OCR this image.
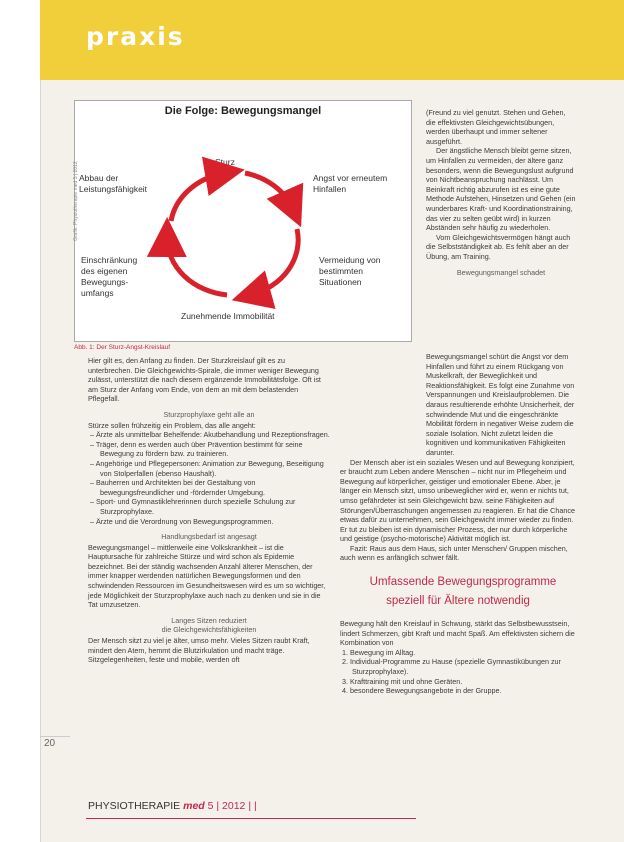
praxis
Die Folge: Bewegungsmangel
Sturz
Abbau der
Leistungsfähigkeit
Angst vor erneutem
Hinfallen
Einschränkung
des eigenen
Bewegungs-
umfangs
Vermeidung von
bestimmten
Situationen
Zunehmende Immobilität
Grafik: Physiotherapie med 5 | 2012
Abb. 1: Der Sturz-Angst-Kreislauf

Hier gilt es, den Anfang zu finden. Der Sturzkreislauf gilt es zu unterbrechen. Die Gleichgewichts-Spirale, die immer weniger Bewegung zulässt, unterstützt die nach diesem ergänzende Immobilitätsfolge. Oft ist am Sturz der Anfang vom Ende, von dem an mit dem belastenden Pflegefall.

Sturzprophylaxe geht alle an

Stürze sollen frühzeitig ein Problem, das alle angeht:

– Ärzte als unmittelbar Behelfende: Akutbehandlung und Rezeptionsfragen.

– Träger, denn es werden auch über Prävention bestimmt für seine Bewegung zu fördern bzw. zu trainieren.

– Angehörige und Pflegepersonen: Animation zur Bewegung, Beseitigung von Stolperfallen (ebenso Haushalt).

– Bauherren und Architekten bei der Gestaltung von bewegungsfreundlicher und -fördernder Umgebung.

– Sport- und Gymnastiklehrerinnen durch spezielle Schulung zur Sturzprophylaxe.

– Ärzte und die Verordnung von Bewegungsprogrammen.

Handlungsbedarf ist angesagt

Bewegungsmangel – mittlerweile eine Volkskrankheit – ist die Hauptursache für zahlreiche Stürze und wird schon als Epidemie bezeichnet. Bei der ständig wachsenden Anzahl älterer Menschen, der immer knapper werdenden natürlichen Bewegungsformen und den schwindenden Ressourcen im Gesundheitswesen wird es um so wichtiger, jede Möglichkeit der Sturzprophylaxe auch nach zu denken und sie in die Tat umzusetzen.

Langes Sitzen reduziert
die Gleichgewichtsfähigkeiten

Der Mensch sitzt zu viel je älter, umso mehr. Vieles Sitzen raubt Kraft, mindert den Atem, hemmt die Blutzirkulation und macht träge. Sitzgelegenheiten, feste und mobile, werden oft

(Freund zu viel genutzt. Stehen und Gehen, die effektivsten Gleichgewichtsübungen, werden überhaupt und immer seltener ausgeführt.

Der ängstliche Mensch bleibt gerne sitzen, um Hinfallen zu vermeiden, der ältere ganz besonders, wenn die Bewegungslust aufgrund von Nichtbeanspruchung nachlässt. Um Beinkraft richtig abzurufen ist es eine gute Methode Aufstehen, Hinsetzen und Gehen (ein wunderbares Kraft- und Koordinationstraining, das vier zu selten geübt wird) in kurzen Abständen sehr häufig zu wiederholen.

Vom Gleichgewichtsvermögen hängt auch die Selbstständigkeit ab. Es fehlt aber an der Übung, am Training.

Bewegungsmangel schadet

Bewegungsmangel schürt die Angst vor dem Hinfallen und führt zu einem Rückgang von Muskelkraft, der Beweglichkeit und Reaktionsfähigkeit. Es folgt eine Zunahme von Verspannungen und Kreislaufproblemen. Die daraus resultierende erhöhte Unsicherheit, der schwindende Mut und die eingeschränkte Mobilität fördern in negativer Weise zudem die soziale Isolation. Nicht zuletzt leiden die kognitiven und kommunikativen Fähigkeiten darunter.

Der Mensch aber ist ein soziales Wesen und auf Bewegung konzipiert, er braucht zum Leben andere Menschen – nicht nur im Pflegeheim und Bewegung auf körperlicher, geistiger und emotionaler Ebene. Aber, je länger ein Mensch sitzt, umso unbeweglicher wird er, wenn er nichts tut, umso gefährdeter ist sein Gleichgewicht bzw. seine Fähigkeiten auf Störungen/Überraschungen angemessen zu reagieren. Er hat die Chance etwas dafür zu unternehmen, sein Gleichgewicht immer wieder zu finden. Er tut zu bleiben ist ein dynamischer Prozess, der nur durch körperliche und geistige (psycho-motorische) Aktivität möglich ist.

Fazit: Raus aus dem Haus, sich unter Menschen/ Gruppen mischen, auch wenn es anfänglich schwer fällt.

Umfassende Bewegungsprogramme speziell für Ältere notwendig

Bewegung hält den Kreislauf in Schwung, stärkt das Selbstbewusstsein, lindert Schmerzen, gibt Kraft und macht Spaß. Am effektivsten sichern die Kombination von

1. Bewegung im Alltag.

2. Individual-Programme zu Hause (spezielle Gymnastikübungen zur Sturzprophylaxe).

3. Krafttraining mit und ohne Geräten.

4. besondere Bewegungsangebote in der Gruppe.

20
PHYSIOTHERAPIE med 5 | 2012 | |
